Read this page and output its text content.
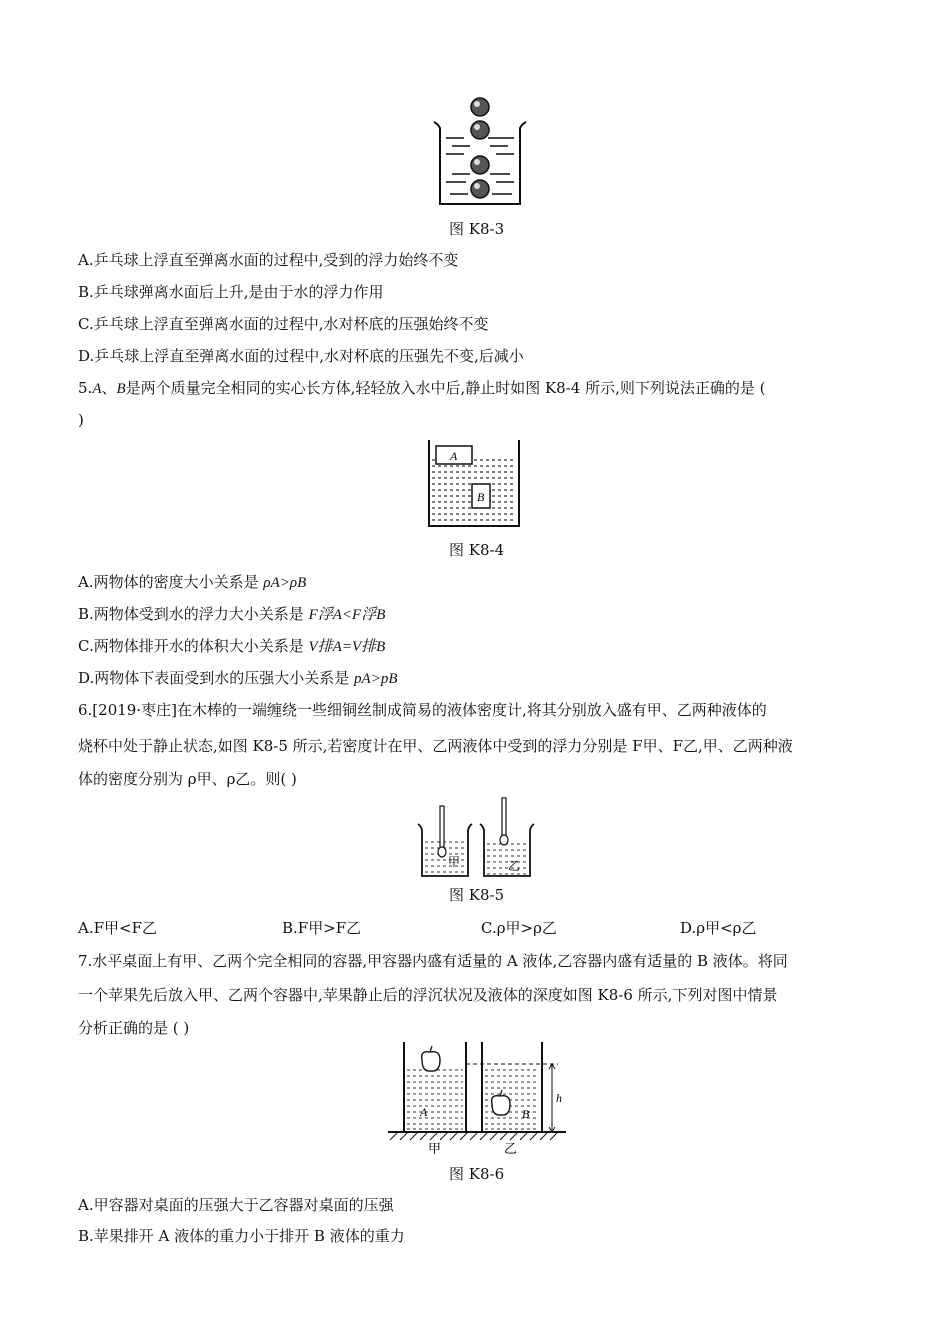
图 K8-3
A.乒乓球上浮直至弹离水面的过程中,受到的浮力始终不变
B.乒乓球弹离水面后上升,是由于水的浮力作用
C.乒乓球上浮直至弹离水面的过程中,水对杯底的压强始终不变
D.乒乓球上浮直至弹离水面的过程中,水对杯底的压强先不变,后减小
5.A、B是两个质量完全相同的实心长方体,轻轻放入水中后,静止时如图 K8-4 所示,则下列说法正确的是 (
)
A
B
图 K8-4
A.两物体的密度大小关系是 ρA>ρB
B.两物体受到水的浮力大小关系是 F浮A<F浮B
C.两物体排开水的体积大小关系是 V排A=V排B
D.两物体下表面受到水的压强大小关系是 pA>pB
6.[2019·枣庄]在木棒的一端缠绕一些细铜丝制成简易的液体密度计,将其分别放入盛有甲、乙两种液体的
烧杯中处于静止状态,如图 K8-5 所示,若密度计在甲、乙两液体中受到的浮力分别是 F甲、F乙,甲、乙两种液
体的密度分别为 ρ甲、ρ乙。则( )
甲	乙
图 K8-5
A.F甲<F乙	B.F甲>F乙	C.ρ甲>ρ乙	D.ρ甲<ρ乙
7.水平桌面上有甲、乙两个完全相同的容器,甲容器内盛有适量的 A 液体,乙容器内盛有适量的 B 液体。将同
一个苹果先后放入甲、乙两个容器中,苹果静止后的浮沉状况及液体的深度如图 K8-6 所示,下列对图中情景
分析正确的是 ( )
A	B
h
甲	乙
图 K8-6
A.甲容器对桌面的压强大于乙容器对桌面的压强
B.苹果排开 A 液体的重力小于排开 B 液体的重力
